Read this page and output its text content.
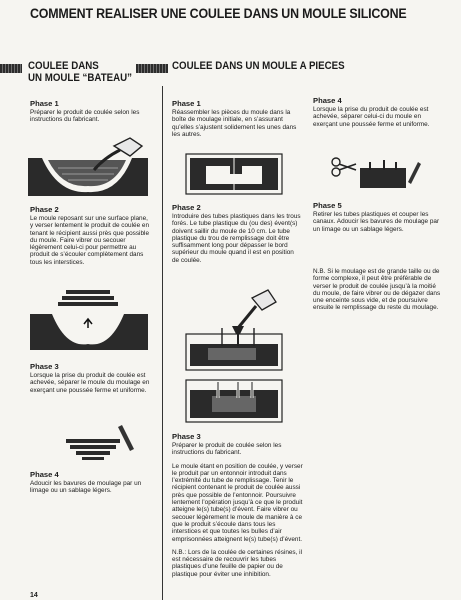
COMMENT REALISER UNE COULEE DANS UN MOULE SILICONE
COULEE DANS
UN MOULE “BATEAU”
COULEE DANS UN MOULE A PIECES
Phase 1

Préparer le produit de coulée selon les instructions du fabricant.

Phase 2

Le moule reposant sur une surface plane, y verser lentement le produit de coulée en tenant le récipient aussi près que possible du moule. Faire vibrer ou secouer légèrement celui-ci pour permettre au produit de s’écouler complètement dans tous les interstices.

Phase 3

Lorsque la prise du produit de coulée est achevée, séparer le moule du moulage en exerçant une poussée ferme et uniforme.

Phase 4

Adoucir les bavures de moulage par un limage ou un sablage légers.

Phase 1

Réassembler les pièces du moule dans la boîte de moulage initiale, en s’assurant qu’elles s’ajustent solidement les unes dans les autres.

Phase 2

Introduire des tubes plastiques dans les trous forés. Le tube plastique du (ou des) évent(s) doivent saillir du moule de 10 cm. Le tube plastique du trou de remplissage doit être suffisamment long pour dépasser le bord supérieur du moule quand il est en position de coulée.

Phase 3

Préparer le produit de coulée selon les instructions du fabricant.

Le moule étant en position de coulée, y verser le produit par un entonnoir introduit dans l’extrémité du tube de remplissage. Tenir le récipient contenant le produit de coulée aussi près que possible de l’entonnoir. Poursuivre lentement l’opération jusqu’à ce que le produit atteigne le(s) tube(s) d’évent. Faire vibrer ou secouer légèrement le moule de manière à ce que le produit s’écoule dans tous les interstices et que toutes les bulles d’air emprisonnées atteignent le(s) tube(s) d’évent.

N.B.: Lors de la coulée de certaines résines, il est nécessaire de recouvrir les tubes plastiques d’une feuille de papier ou de plastique pour éviter une inhibition.

Phase 4

Lorsque la prise du produit de coulée est achevée, séparer celui-ci du moule en exerçant une poussée ferme et uniforme.

Phase 5

Retirer les tubes plastiques et couper les canaux. Adoucir les bavures de moulage par un limage ou un sablage légers.

N.B. Si le moulage est de grande taille ou de forme complexe, il peut être préférable de verser le produit de coulée jusqu’à la moitié du moule, de faire vibrer ou de dégazer dans une enceinte sous vide, et de poursuivre ensuite le remplissage du reste du moulage.

14
